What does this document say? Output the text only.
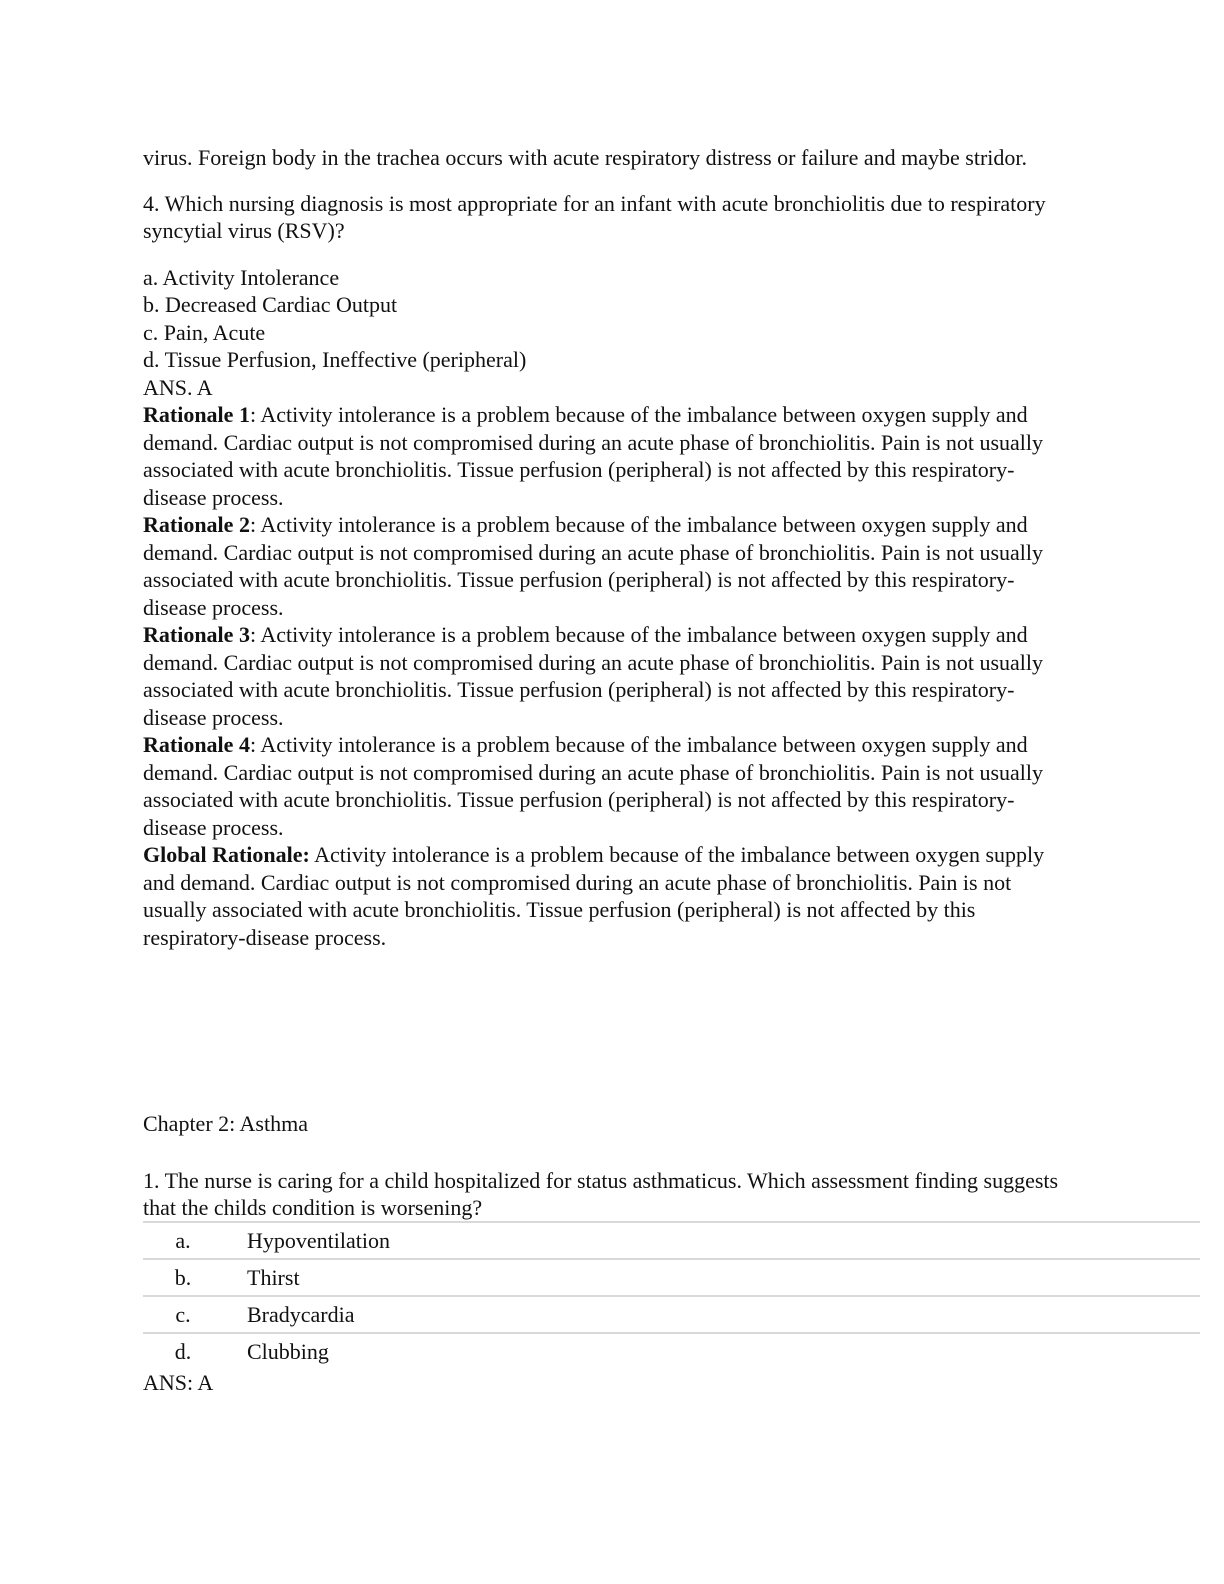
virus. Foreign body in the trachea occurs with acute respiratory distress or failure and maybe stridor.

4. Which nursing diagnosis is most appropriate for an infant with acute bronchiolitis due to respiratory syncytial virus (RSV)?

a. Activity Intolerance

b. Decreased Cardiac Output

c. Pain, Acute

d. Tissue Perfusion, Ineffective (peripheral)

ANS. A

Rationale 1: Activity intolerance is a problem because of the imbalance between oxygen supply and demand. Cardiac output is not compromised during an acute phase of bronchiolitis. Pain is not usually associated with acute bronchiolitis. Tissue perfusion (peripheral) is not affected by this respiratory-disease process.

Rationale 2: Activity intolerance is a problem because of the imbalance between oxygen supply and demand. Cardiac output is not compromised during an acute phase of bronchiolitis. Pain is not usually associated with acute bronchiolitis. Tissue perfusion (peripheral) is not affected by this respiratory-disease process.

Rationale 3: Activity intolerance is a problem because of the imbalance between oxygen supply and demand. Cardiac output is not compromised during an acute phase of bronchiolitis. Pain is not usually associated with acute bronchiolitis. Tissue perfusion (peripheral) is not affected by this respiratory-disease process.

Rationale 4: Activity intolerance is a problem because of the imbalance between oxygen supply and demand. Cardiac output is not compromised during an acute phase of bronchiolitis. Pain is not usually associated with acute bronchiolitis. Tissue perfusion (peripheral) is not affected by this respiratory-disease process.

Global Rationale: Activity intolerance is a problem because of the imbalance between oxygen supply and demand. Cardiac output is not compromised during an acute phase of bronchiolitis. Pain is not usually associated with acute bronchiolitis. Tissue perfusion (peripheral) is not affected by this respiratory-disease process.

Chapter 2: Asthma

1. The nurse is caring for a child hospitalized for status asthmaticus. Which assessment finding suggests that the childs condition is worsening?

a.	Hypoventilation
b.	Thirst
c.	Bradycardia
d.	Clubbing

ANS: A
